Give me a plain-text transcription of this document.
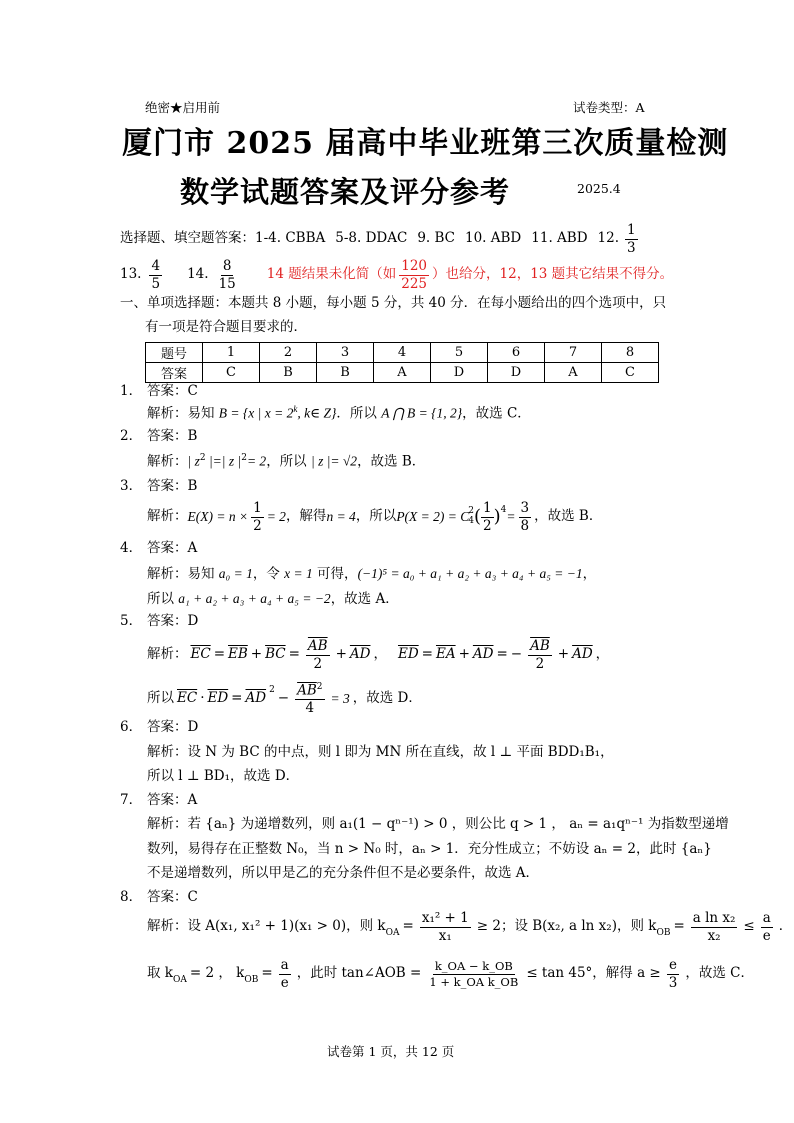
绝密★启用前	试卷类型：A
厦门市 2025 届高中毕业班第三次质量检测
数学试题答案及评分参考	2025.4
选择题、填空题答案： 1-4. CBBA 5-8. DDAC 9. BC 10. ABD 11. ABD 12. $\frac{1}{3}$
13. $\frac{4}{5} 14$. $\frac{8}{15} 14$ 题结果未化简（如 $\frac{120}{225}$ ）也给分，12，13 题其它结果不得分。
一、单项选择题：本题共 8 小题，每小题 5 分，共 40 分．在每小题给出的四个选项中，只
有一项是符合题目要求的．
题号	1	2	3	4	5	6	7	8
答案	C	B	B	A	D	D	A	C
1． 答案：C
解析：易知 B = {x | $x = 2^k$, k∈ Z}．所以 A ⋂ B = {1, 2}，故选 C．
2． 答案：B
解析：| $z^2$ |=| z $|^2= 2$，所以 | z |= √2，故选 B．
3． 答案：B
解析： $E(X) = n \times \frac{1}{2} = 2$ ，解得 n = 4 ，所以 P(X = 2) = C 2
4 ( $\frac{1}{2} )^4 = \frac{3}{8}$ ，故选 B．
4． 答案：A
解析：易知 a₀ = 1，令 x = 1 可得，(−1)⁵ = a₀ + a₁ + a₂ + a₃ + a₄ + a₅ = −1，
所以 a₁ + a₂ + a₃ + a₄ + a₅ = −2，故选 A．
5． 答案：D
解析： $\overline{EC} = \overline{EB} + \overline{BC} = \frac{\overline{AB}}{2} + \overline{AD}$ ， $\overline{ED} = \overline{EA} + \overline{AD}$ = − $\frac{\overline{AB}}{2} + \overline{AD}$ ，
所以 $\overline{EC} \cdot \overline{ED} = \overline{AD}$
$^2$
− $\frac{\overline{AB}^2}{4} = 3$ ，故选 D．
6． 答案：D
解析：设 N 为 BC 的中点，则 l 即为 MN 所在直线，故 l ⊥ 平面 BDD₁B₁，
所以 l ⊥ BD₁，故选 D．
7． 答案：A
解析：若 {aₙ} 为递增数列，则 a₁(1 − qⁿ⁻¹) > 0 ，则公比 q > 1 ， aₙ = a₁qⁿ⁻¹ 为指数型递增
数列，易得存在正整数 N₀，当 n > N₀ 时，aₙ > 1．充分性成立；不妨设 aₙ = 2，此时 {aₙ}
不是递增数列，所以甲是乙的充分条件但不是必要条件，故选 A．
8． 答案：C
解析：设 A(x₁, x₁² + 1)(x₁ > 0)，则 $k_{OA} = \frac{\text{x₁² + 1}}{\text{x₁}} \ge 2$；设 B(x₂, a ln x₂)，则 $k_{OB} = \frac{\text{a ln x₂}}{\text{x₂}} \le \frac{a}{e}$ ．
取 $k_{OA} = 2$ ， $k_{OB} = \frac{a}{e}$ ，此时 tan∠AOB = $\frac{k\_OA - k\_OB}{\text{1 + k\_OA k\_OB}} \le \tan 45^\circ$，解得 $a \ge \frac{e}{3}$ ，故选 C．
试卷第 1 页，共 12 页
